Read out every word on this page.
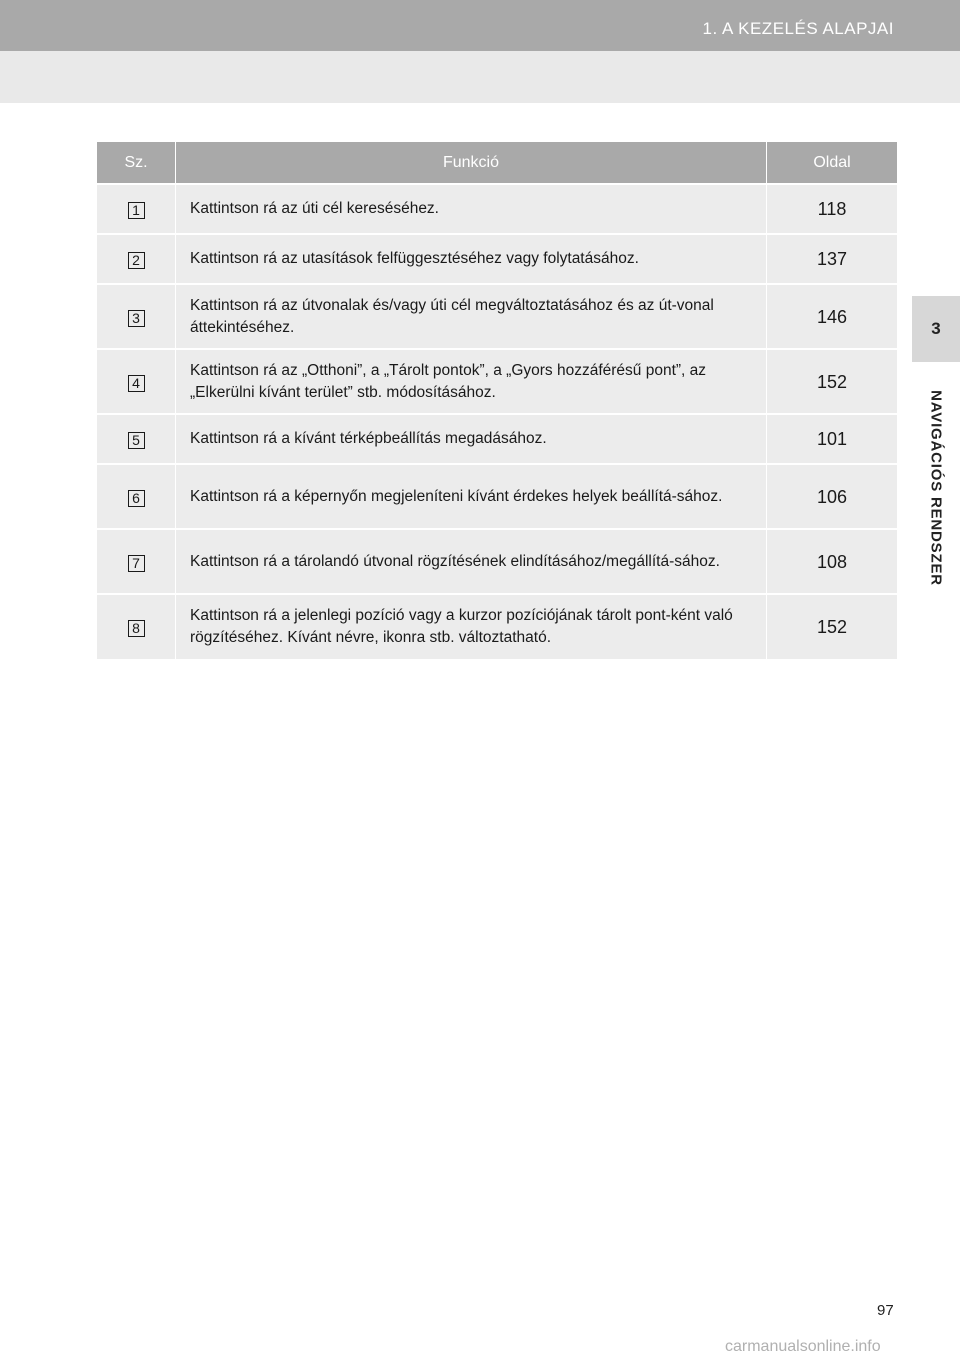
1. A KEZELÉS ALAPJAI
3
NAVIGÁCIÓS RENDSZER
Sz.	Funkció	Oldal
1	Kattintson rá az úti cél kereséséhez.	118
2	Kattintson rá az utasítások felfüggesztéséhez vagy folytatásához.	137
3	Kattintson rá az útvonalak és/vagy úti cél megváltoztatásához és az út-vonal áttekintéséhez.	146
4	Kattintson rá az „Otthoni”, a „Tárolt pontok”, a „Gyors hozzáférésű pont”, az „Elkerülni kívánt terület” stb. módosításához.	152
5	Kattintson rá a kívánt térképbeállítás megadásához.	101
6	Kattintson rá a képernyőn megjeleníteni kívánt érdekes helyek beállítá-sához.	106
7	Kattintson rá a tárolandó útvonal rögzítésének elindításához/megállítá-sához.	108
8	Kattintson rá a jelenlegi pozíció vagy a kurzor pozíciójának tárolt pont-ként való rögzítéséhez. Kívánt névre, ikonra stb. változtatható.	152
97
carmanualsonline.info
